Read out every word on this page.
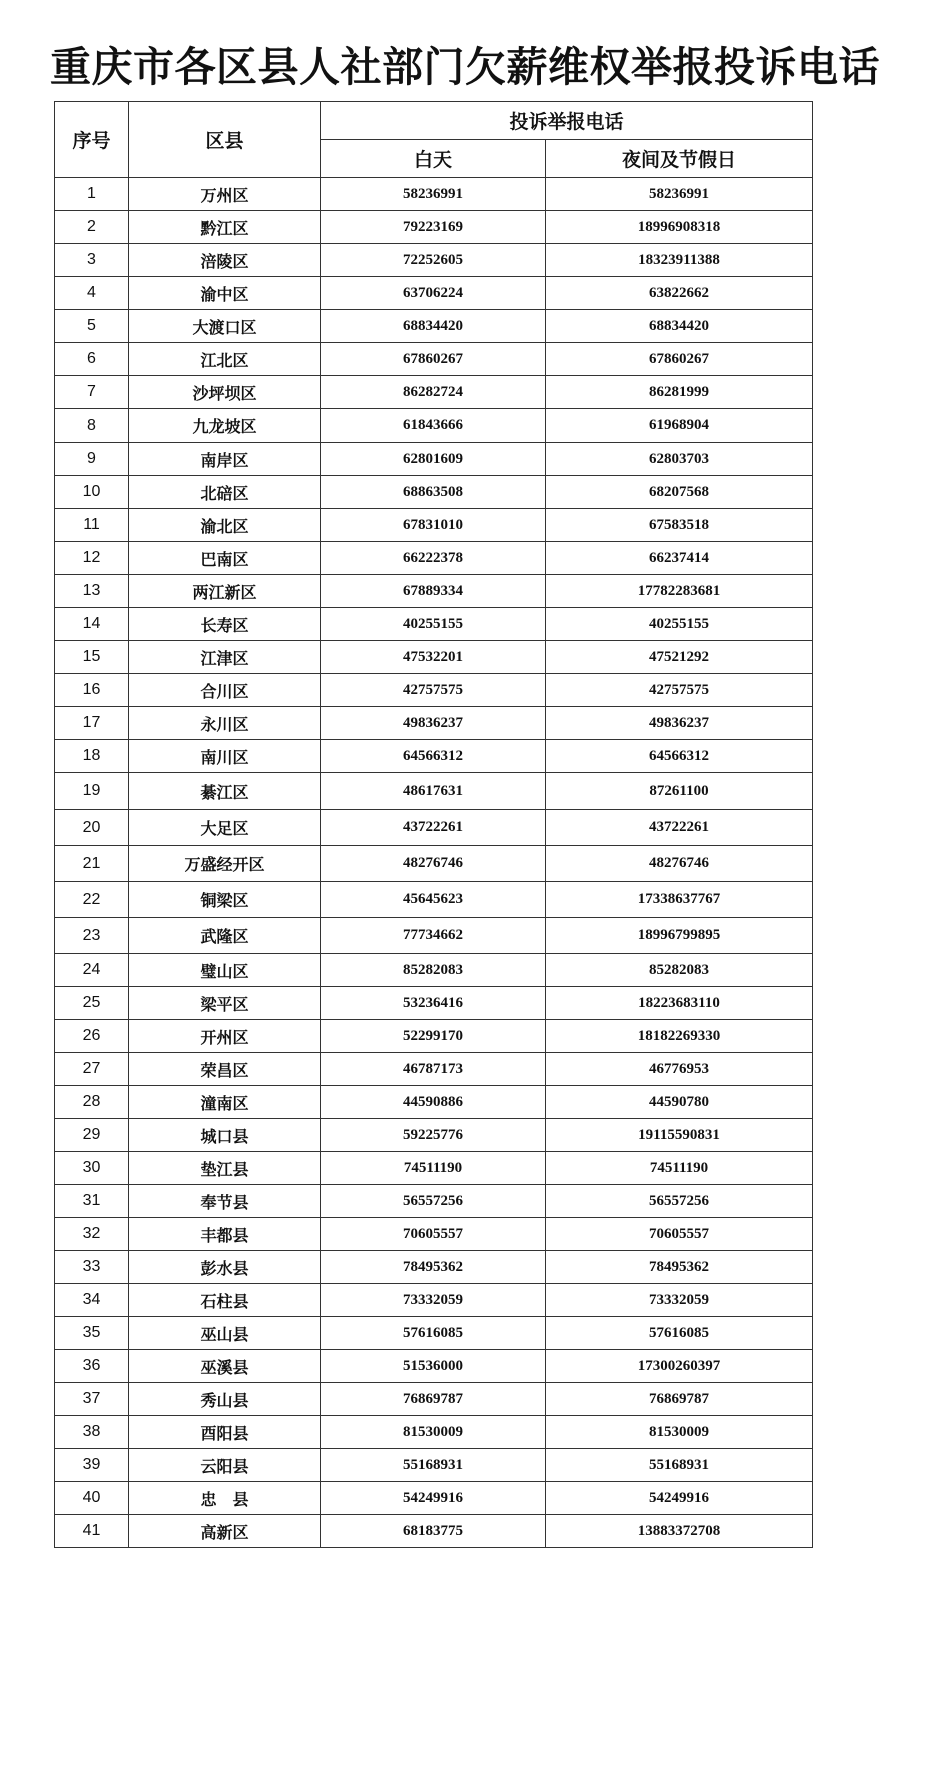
重庆市各区县人社部门欠薪维权举报投诉电话
序号	区县	投诉举报电话	
		白天	夜间及节假日
1	万州区	58236991	58236991
2	黔江区	79223169	18996908318
3	涪陵区	72252605	18323911388
4	渝中区	63706224	63822662
5	大渡口区	68834420	68834420
6	江北区	67860267	67860267
7	沙坪坝区	86282724	86281999
8	九龙坡区	61843666	61968904
9	南岸区	62801609	62803703
10	北碚区	68863508	68207568
11	渝北区	67831010	67583518
12	巴南区	66222378	66237414
13	两江新区	67889334	17782283681
14	长寿区	40255155	40255155
15	江津区	47532201	47521292
16	合川区	42757575	42757575
17	永川区	49836237	49836237
18	南川区	64566312	64566312
19	綦江区	48617631	87261100
20	大足区	43722261	43722261
21	万盛经开区	48276746	48276746
22	铜梁区	45645623	17338637767
23	武隆区	77734662	18996799895
24	璧山区	85282083	85282083
25	梁平区	53236416	18223683110
26	开州区	52299170	18182269330
27	荣昌区	46787173	46776953
28	潼南区	44590886	44590780
29	城口县	59225776	19115590831
30	垫江县	74511190	74511190
31	奉节县	56557256	56557256
32	丰都县	70605557	70605557
33	彭水县	78495362	78495362
34	石柱县	73332059	73332059
35	巫山县	57616085	57616085
36	巫溪县	51536000	17300260397
37	秀山县	76869787	76869787
38	酉阳县	81530009	81530009
39	云阳县	55168931	55168931
40	忠　县	54249916	54249916
41	高新区	68183775	13883372708
